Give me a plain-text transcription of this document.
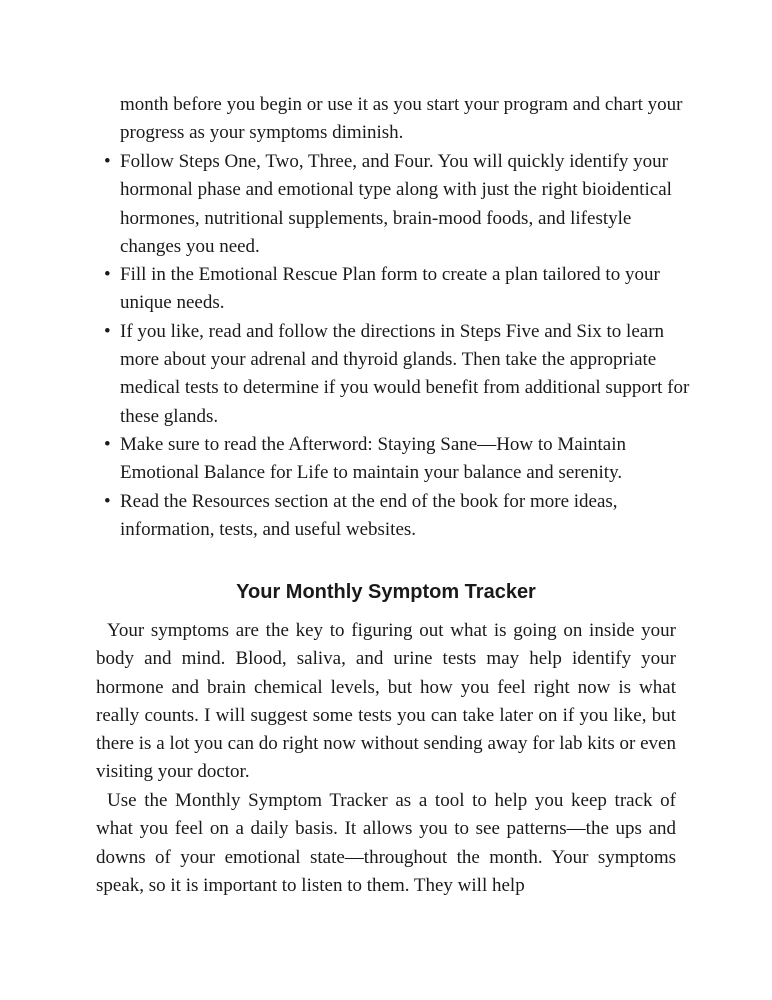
month before you begin or use it as you start your program and chart your progress as your symptoms diminish.

• Follow Steps One, Two, Three, and Four. You will quickly identify your hormonal phase and emotional type along with just the right bioidentical hormones, nutritional supplements, brain-mood foods, and lifestyle changes you need.
• Fill in the Emotional Rescue Plan form to create a plan tailored to your unique needs.
• If you like, read and follow the directions in Steps Five and Six to learn more about your adrenal and thyroid glands. Then take the appropriate medical tests to determine if you would benefit from additional support for these glands.
• Make sure to read the Afterword: Staying Sane—How to Maintain Emotional Balance for Life to maintain your balance and serenity.
• Read the Resources section at the end of the book for more ideas, information, tests, and useful websites.
Your Monthly Symptom Tracker

Your symptoms are the key to figuring out what is going on inside your body and mind. Blood, saliva, and urine tests may help identify your hormone and brain chemical levels, but how you feel right now is what really counts. I will suggest some tests you can take later on if you like, but there is a lot you can do right now without sending away for lab kits or even visiting your doctor.

Use the Monthly Symptom Tracker as a tool to help you keep track of what you feel on a daily basis. It allows you to see patterns—the ups and downs of your emotional state—throughout the month. Your symptoms speak, so it is important to listen to them. They will help
